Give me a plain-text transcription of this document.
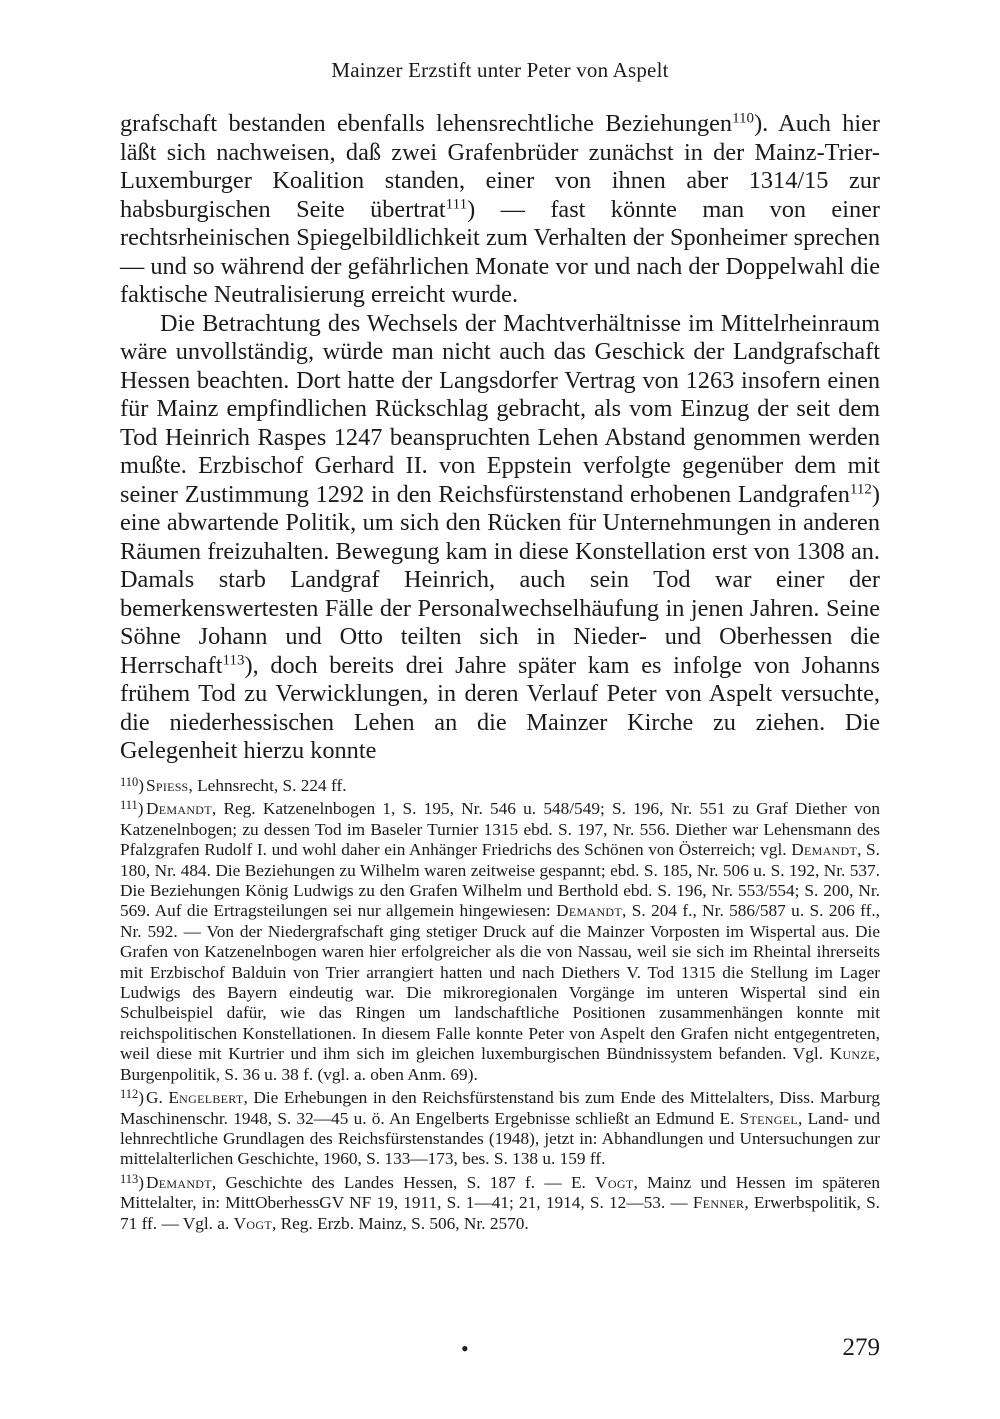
Mainzer Erzstift unter Peter von Aspelt

grafschaft bestanden ebenfalls lehensrechtliche Beziehungen$^{110}$). Auch hier läßt sich nachweisen, daß zwei Grafenbrüder zunächst in der Mainz-Trier-Luxemburger Koalition standen, einer von ihnen aber 1314/15 zur habsburgischen Seite übertrat$^{111}$) — fast könnte man von einer rechtsrheinischen Spiegelbildlichkeit zum Verhalten der Sponheimer sprechen — und so während der gefährlichen Monate vor und nach der Doppelwahl die faktische Neutralisierung erreicht wurde.

Die Betrachtung des Wechsels der Machtverhältnisse im Mittelrheinraum wäre unvollständig, würde man nicht auch das Geschick der Landgrafschaft Hessen beachten. Dort hatte der Langsdorfer Vertrag von 1263 insofern einen für Mainz empfindlichen Rückschlag gebracht, als vom Einzug der seit dem Tod Heinrich Raspes 1247 beanspruchten Lehen Abstand genommen werden mußte. Erzbischof Gerhard II. von Eppstein verfolgte gegenüber dem mit seiner Zustimmung 1292 in den Reichsfürstenstand erhobenen Landgrafen$^{112}$) eine abwartende Politik, um sich den Rücken für Unternehmungen in anderen Räumen freizuhalten. Bewegung kam in diese Konstellation erst von 1308 an. Damals starb Landgraf Heinrich, auch sein Tod war einer der bemerkenswertesten Fälle der Personalwechselhäufung in jenen Jahren. Seine Söhne Johann und Otto teilten sich in Nieder- und Oberhessen die Herrschaft$^{113}$), doch bereits drei Jahre später kam es infolge von Johanns frühem Tod zu Verwicklungen, in deren Verlauf Peter von Aspelt versuchte, die niederhessischen Lehen an die Mainzer Kirche zu ziehen. Die Gelegenheit hierzu konnte

$^{110}$) Spieß, Lehnsrecht, S. 224 ff.

$^{111}$) Demandt, Reg. Katzenelnbogen 1, S. 195, Nr. 546 u. 548/549; S. 196, Nr. 551 zu Graf Diether von Katzenelnbogen; zu dessen Tod im Baseler Turnier 1315 ebd. S. 197, Nr. 556. Diether war Lehensmann des Pfalzgrafen Rudolf I. und wohl daher ein Anhänger Friedrichs des Schönen von Österreich; vgl. Demandt, S. 180, Nr. 484. Die Beziehungen zu Wilhelm waren zeitweise gespannt; ebd. S. 185, Nr. 506 u. S. 192, Nr. 537. Die Beziehungen König Ludwigs zu den Grafen Wilhelm und Berthold ebd. S. 196, Nr. 553/554; S. 200, Nr. 569. Auf die Ertragsteilungen sei nur allgemein hingewiesen: Demandt, S. 204 f., Nr. 586/587 u. S. 206 ff., Nr. 592. — Von der Niedergrafschaft ging stetiger Druck auf die Mainzer Vorposten im Wispertal aus. Die Grafen von Katzenelnbogen waren hier erfolgreicher als die von Nassau, weil sie sich im Rheintal ihrerseits mit Erzbischof Balduin von Trier arrangiert hatten und nach Diethers V. Tod 1315 die Stellung im Lager Ludwigs des Bayern eindeutig war. Die mikroregionalen Vorgänge im unteren Wispertal sind ein Schulbeispiel dafür, wie das Ringen um landschaftliche Positionen zusammenhängen konnte mit reichspolitischen Konstellationen. In diesem Falle konnte Peter von Aspelt den Grafen nicht entgegentreten, weil diese mit Kurtrier und ihm sich im gleichen luxemburgischen Bündnissystem befanden. Vgl. Kunze, Burgenpolitik, S. 36 u. 38 f. (vgl. a. oben Anm. 69).

$^{112}$) G. Engelbert, Die Erhebungen in den Reichsfürstenstand bis zum Ende des Mittelalters, Diss. Marburg Maschinenschr. 1948, S. 32—45 u. ö. An Engelberts Ergebnisse schließt an Edmund E. Stengel, Land- und lehnrechtliche Grundlagen des Reichsfürstenstandes (1948), jetzt in: Abhandlungen und Untersuchungen zur mittelalterlichen Geschichte, 1960, S. 133—173, bes. S. 138 u. 159 ff.

$^{113}$) Demandt, Geschichte des Landes Hessen, S. 187 f. — E. Vogt, Mainz und Hessen im späteren Mittelalter, in: MittOberhessGV NF 19, 1911, S. 1—41; 21, 1914, S. 12—53. — Fenner, Erwerbspolitik, S. 71 ff. — Vgl. a. Vogt, Reg. Erzb. Mainz, S. 506, Nr. 2570.

•	279
